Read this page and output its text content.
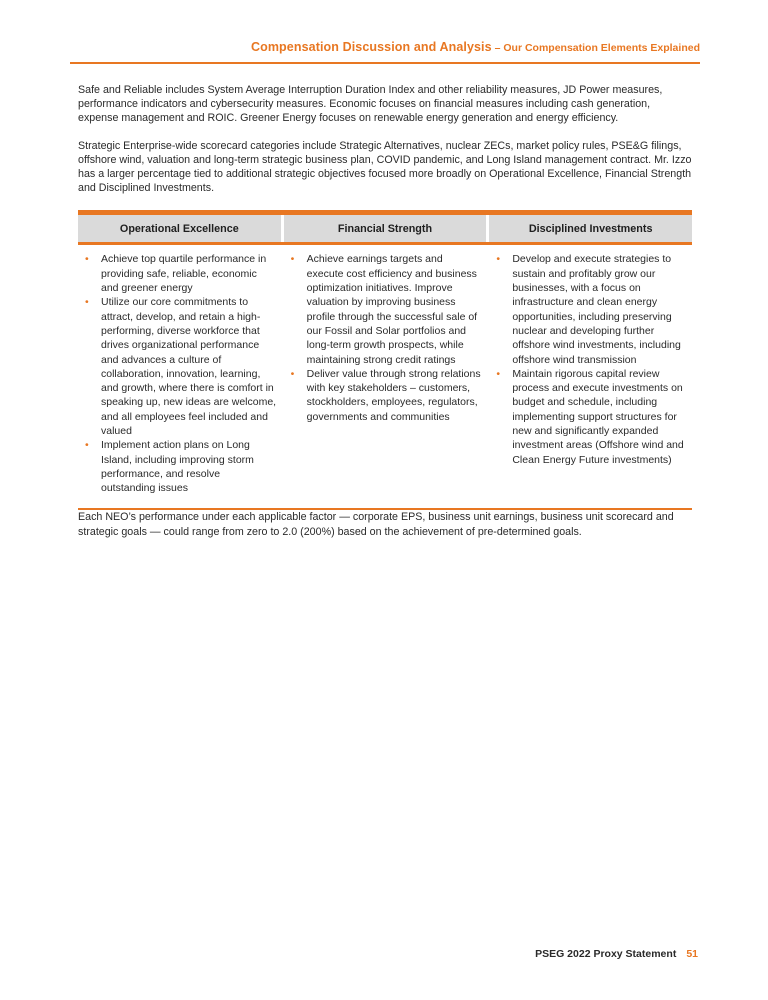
Compensation Discussion and Analysis – Our Compensation Elements Explained

Safe and Reliable includes System Average Interruption Duration Index and other reliability measures, JD Power measures, performance indicators and cybersecurity measures. Economic focuses on financial measures including cash generation, expense management and ROIC. Greener Energy focuses on renewable energy generation and energy efficiency.

Strategic Enterprise-wide scorecard categories include Strategic Alternatives, nuclear ZECs, market policy rules, PSE&G filings, offshore wind, valuation and long-term strategic business plan, COVID pandemic, and Long Island management contract. Mr. Izzo has a larger percentage tied to additional strategic objectives focused more broadly on Operational Excellence, Financial Strength and Disciplined Investments.

Operational Excellence	Financial Strength	Disciplined Investments
• Achieve top quartile performance in providing safe, reliable, economic and greener energy
• Utilize our core commitments to attract, develop, and retain a high-performing, diverse workforce that drives organizational performance and advances a culture of collaboration, innovation, learning, and growth, where there is comfort in speaking up, new ideas are welcome, and all employees feel included and valued
• Implement action plans on Long Island, including improving storm performance, and resolve outstanding issues
• Achieve earnings targets and execute cost efficiency and business optimization initiatives. Improve valuation by improving business profile through the successful sale of our Fossil and Solar portfolios and long-term growth prospects, while maintaining strong credit ratings
• Deliver value through strong relations with key stakeholders – customers, stockholders, employees, regulators, governments and communities
• Develop and execute strategies to sustain and profitably grow our businesses, with a focus on infrastructure and clean energy opportunities, including preserving nuclear and developing further offshore wind investments, including offshore wind transmission
• Maintain rigorous capital review process and execute investments on budget and schedule, including implementing support structures for new and significantly expanded investment areas (Offshore wind and Clean Energy Future investments)

Each NEO’s performance under each applicable factor — corporate EPS, business unit earnings, business unit scorecard and strategic goals — could range from zero to 2.0 (200%) based on the achievement of pre-determined goals.

PSEG 2022 Proxy Statement 51
